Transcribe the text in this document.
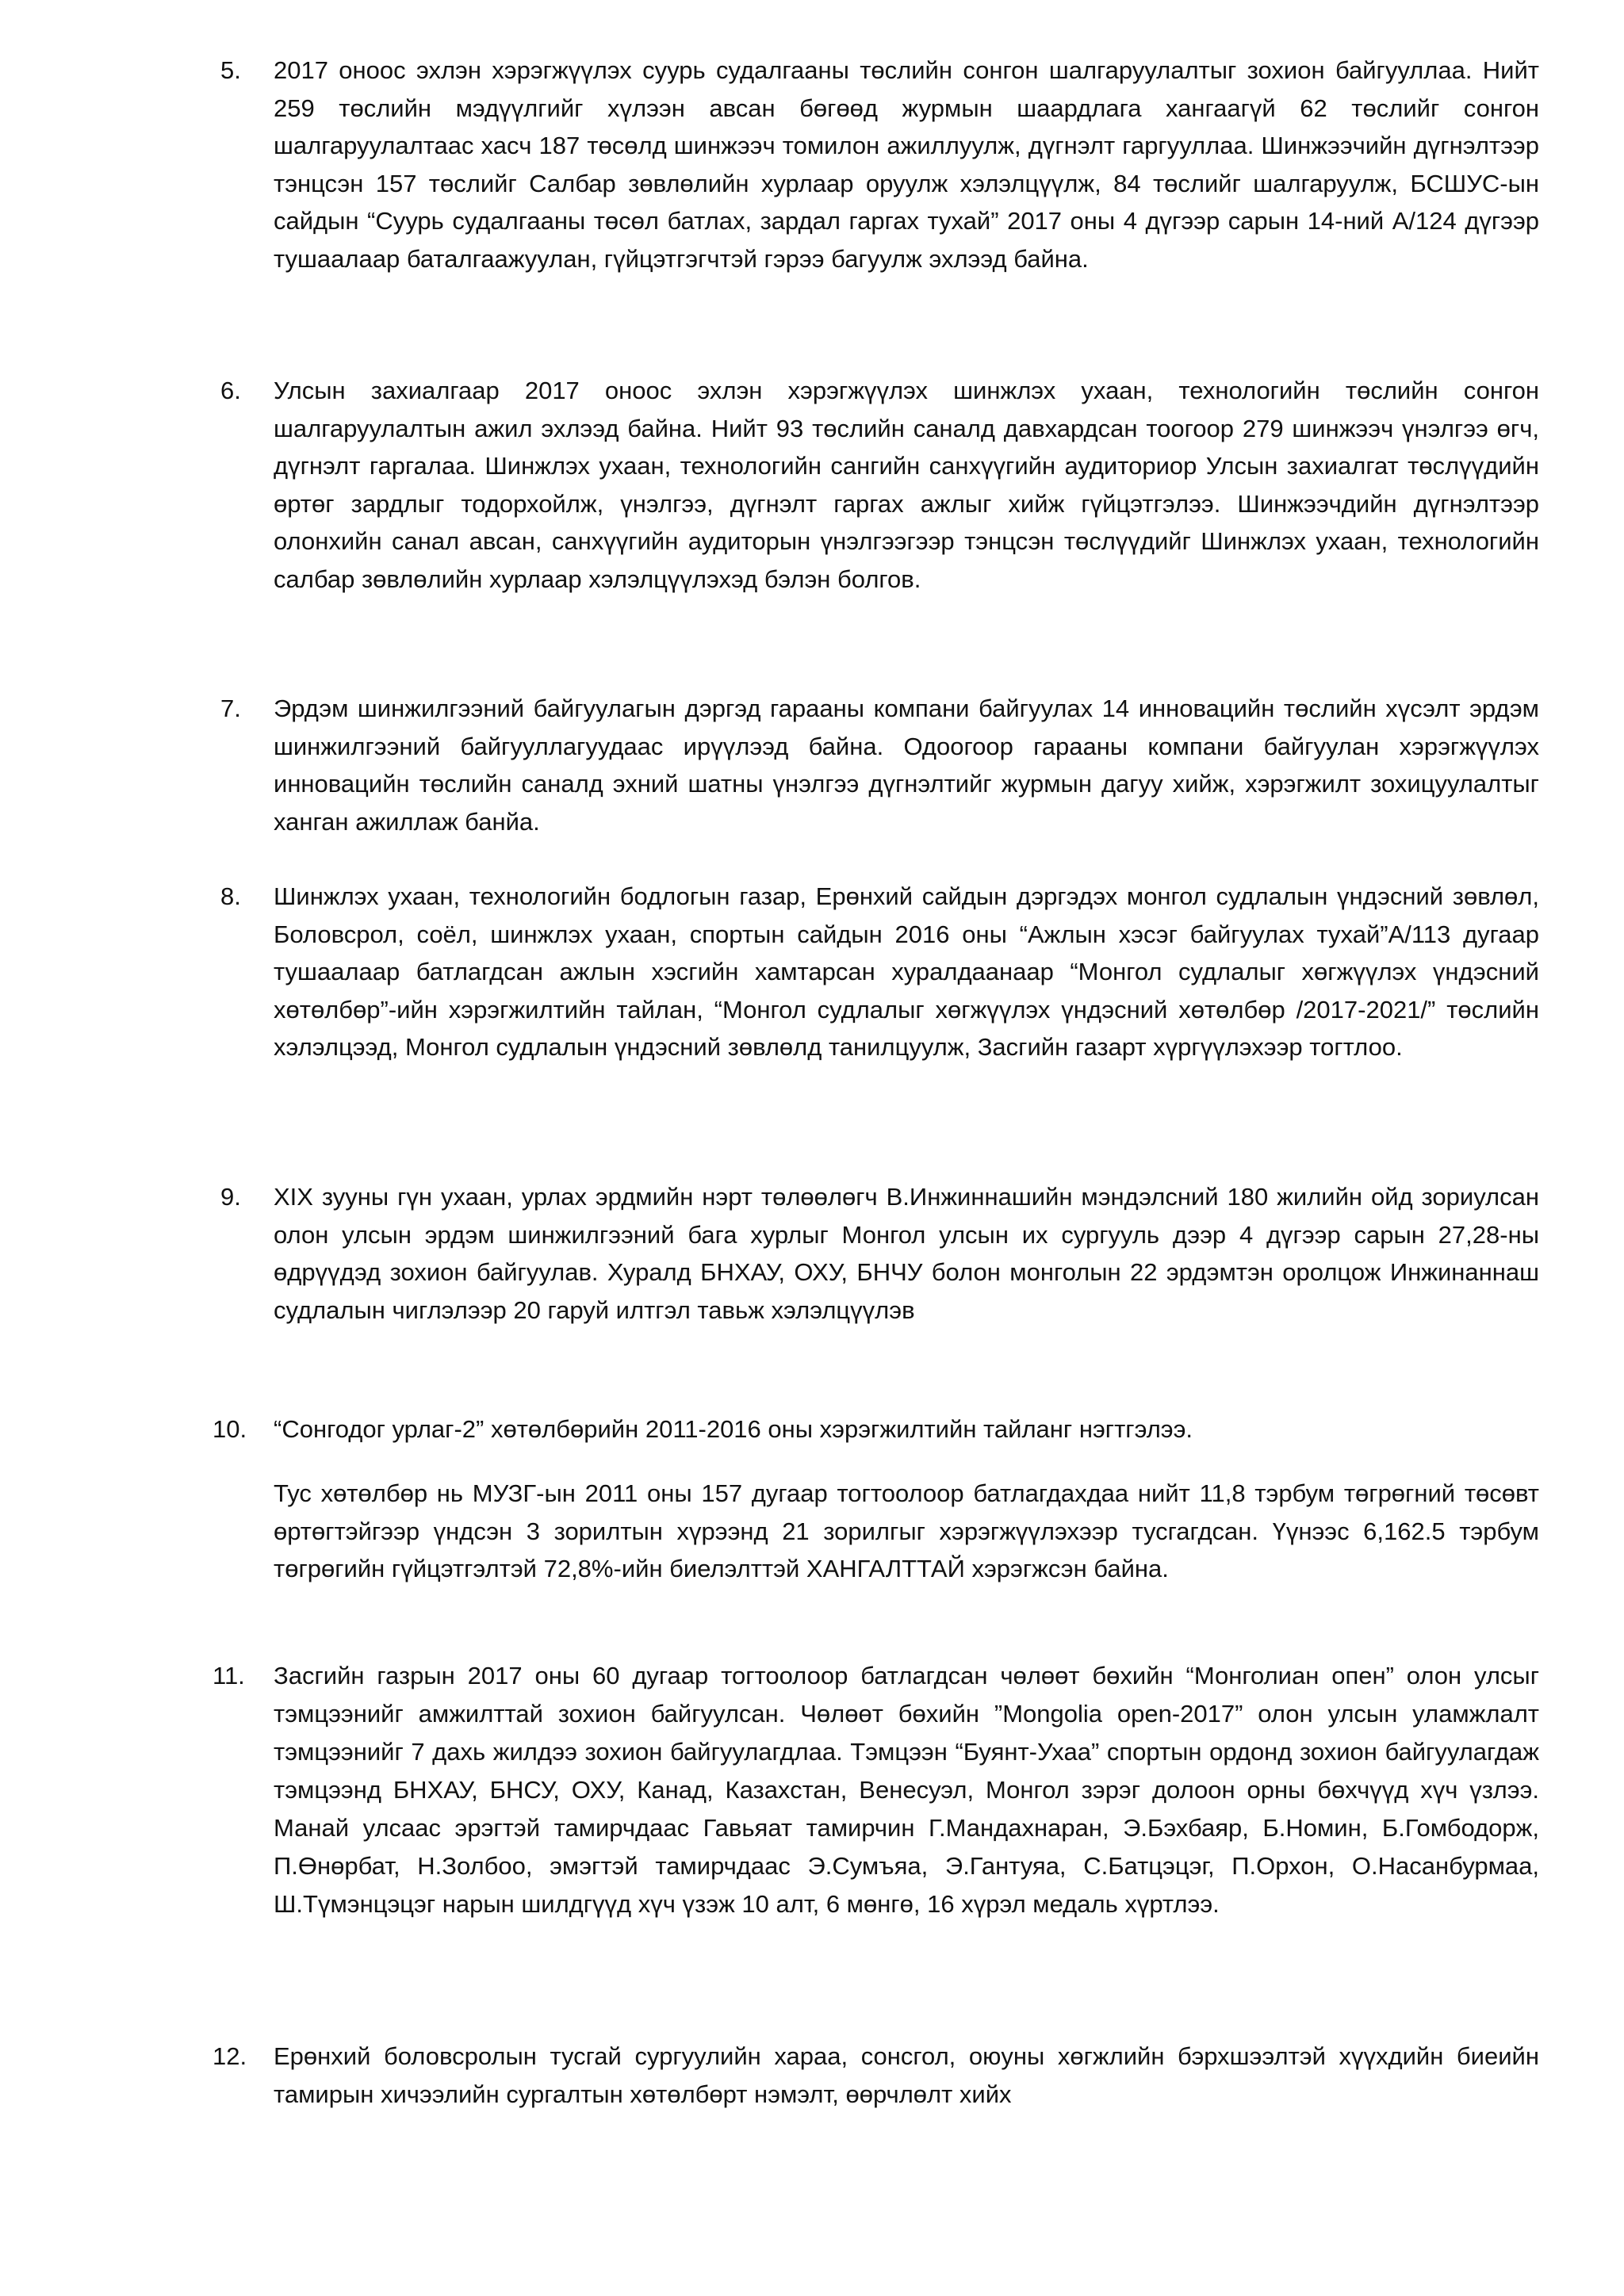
5.	2017 оноос эхлэн хэрэгжүүлэх суурь судалгааны төслийн сонгон шалгаруулалтыг зохион байгууллаа. Нийт 259 төслийн мэдүүлгийг хүлээн авсан бөгөөд журмын шаардлага хангаагүй 62 төслийг сонгон шалгаруулалтаас хасч 187 төсөлд шинжээч томилон ажиллуулж, дүгнэлт гаргууллаа. Шинжээчийн дүгнэлтээр тэнцсэн 157 төслийг Салбар зөвлөлийн хурлаар оруулж хэлэлцүүлж, 84 төслийг шалгаруулж, БСШУС-ын сайдын “Суурь судалгааны төсөл батлах, зардал гаргах тухай” 2017 оны 4 дүгээр сарын 14-ний А/124 дүгээр тушаалаар баталгаажуулан, гүйцэтгэгчтэй гэрээ багуулж эхлээд байна.
6.	Улсын захиалгаар 2017 оноос эхлэн хэрэгжүүлэх шинжлэх ухаан, технологийн төслийн сонгон шалгаруулалтын ажил эхлээд байна. Нийт 93 төслийн саналд давхардсан тоогоор 279 шинжээч үнэлгээ өгч, дүгнэлт гаргалаа. Шинжлэх ухаан, технологийн сангийн санхүүгийн аудиториор Улсын захиалгат төслүүдийн өртөг зардлыг тодорхойлж, үнэлгээ, дүгнэлт гаргах ажлыг хийж гүйцэтгэлээ. Шинжээчдийн дүгнэлтээр олонхийн санал авсан, санхүүгийн аудиторын үнэлгээгээр тэнцсэн төслүүдийг Шинжлэх ухаан, технологийн салбар зөвлөлийн хурлаар хэлэлцүүлэхэд бэлэн болгов.
7.	Эрдэм шинжилгээний байгуулагын дэргэд гарааны компани байгуулах 14 инновацийн төслийн хүсэлт эрдэм шинжилгээний байгууллагуудаас ирүүлээд байна. Одоогоор гарааны компани байгуулан хэрэгжүүлэх инновацийн төслийн саналд эхний шатны үнэлгээ дүгнэлтийг журмын дагуу хийж, хэрэгжилт зохицуулалтыг ханган ажиллаж банйа.
8.	Шинжлэх ухаан, технологийн бодлогын газар, Ерөнхий сайдын дэргэдэх монгол судлалын үндэсний зөвлөл, Боловсрол, соёл, шинжлэх ухаан, спортын сайдын 2016 оны “Ажлын хэсэг байгуулах тухай”А/113 дугаар тушаалаар батлагдсан ажлын хэсгийн хамтарсан хуралдаанаар “Монгол судлалыг хөгжүүлэх үндэсний хөтөлбөр”-ийн хэрэгжилтийн тайлан, “Монгол судлалыг хөгжүүлэх үндэсний хөтөлбөр /2017-2021/” төслийн хэлэлцээд, Монгол судлалын үндэсний зөвлөлд танилцуулж, Засгийн газарт хүргүүлэхээр тогтлоо.
9.	XIX зууны гүн ухаан, урлах эрдмийн нэрт төлөөлөгч В.Инжиннашийн мэндэлсний 180 жилийн ойд зориулсан олон улсын эрдэм шинжилгээний бага хурлыг Монгол улсын их сургууль дээр 4 дүгээр сарын 27,28-ны өдрүүдэд зохион байгуулав. Хуралд БНХАУ, ОХУ, БНЧУ болон монголын 22 эрдэмтэн оролцож Инжинаннаш судлалын чиглэлээр 20 гаруй илтгэл тавьж хэлэлцүүлэв
10.	“Сонгодог урлаг-2” хөтөлбөрийн 2011-2016 оны хэрэгжилтийн тайланг нэгтгэлээ.
Тус хөтөлбөр нь МУЗГ-ын 2011 оны 157 дугаар тогтоолоор батлагдахдаа нийт 11,8 тэрбум төгрөгний төсөвт өртөгтэйгээр үндсэн 3 зорилтын хүрээнд 21 зорилгыг хэрэгжүүлэхээр тусгагдсан. Үүнээс 6,162.5 тэрбум төгрөгийн гүйцэтгэлтэй 72,8%-ийн биелэлттэй ХАНГАЛТТАЙ хэрэгжсэн байна.
11.	Засгийн газрын 2017 оны 60 дугаар тогтоолоор батлагдсан чөлөөт бөхийн “Монголиан опен” олон улсыг тэмцээнийг амжилттай зохион байгуулсан. Чөлөөт бөхийн ”Mongolia open-2017” олон улсын уламжлалт тэмцээнийг 7 дахь жилдээ зохион байгуулагдлаа. Тэмцээн “Буянт-Ухаа” спортын ордонд зохион байгуулагдаж тэмцээнд БНХАУ, БНСУ, ОХУ, Канад, Казахстан, Венесуэл, Монгол зэрэг долоон орны бөхчүүд хүч үзлээ. Манай улсаас эрэгтэй тамирчдаас Гавьяат тамирчин Г.Мандахнаран, Э.Бэхбаяр, Б.Номин, Б.Гомбодорж, П.Өнөрбат, Н.Золбоо, эмэгтэй тамирчдаас Э.Сумъяа, Э.Гантуяа, С.Батцэцэг, П.Орхон, О.Насанбурмаа, Ш.Түмэнцэцэг нарын шилдгүүд хүч үзэж 10 алт, 6 мөнгө, 16 хүрэл медаль хүртлээ.
12.	Ерөнхий боловсролын тусгай сургуулийн хараа, сонсгол, оюуны хөгжлийн бэрхшээлтэй хүүхдийн биеийн тамирын хичээлийн сургалтын хөтөлбөрт нэмэлт, өөрчлөлт хийх
